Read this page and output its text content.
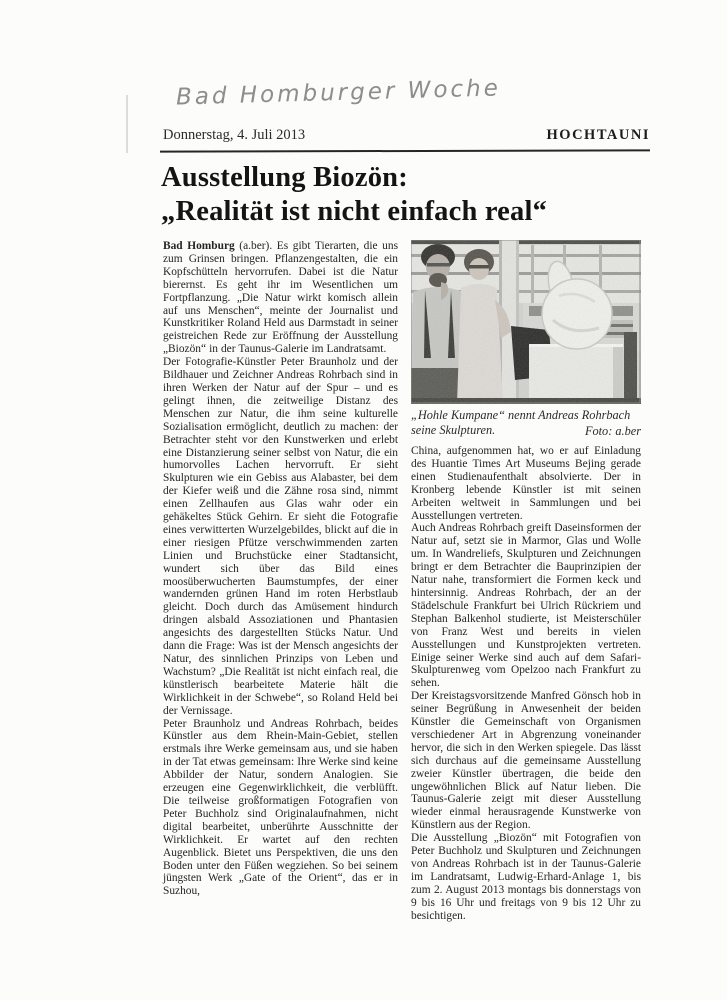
Bad Homburger Woche
Donnerstag, 4. Juli 2013	HOCHTAUNI
Ausstellung Biozön:
„Realität ist nicht einfach real“

Bad Homburg (a.ber). Es gibt Tierarten, die uns zum Grinsen bringen. Pflanzengestalten, die ein Kopfschütteln hervorrufen. Dabei ist die Natur bierernst. Es geht ihr im Wesentlichen um Fortpflanzung. „Die Natur wirkt komisch allein auf uns Menschen“, meinte der Journalist und Kunstkritiker Roland Held aus Darmstadt in seiner geistreichen Rede zur Eröffnung der Ausstellung „Biozön“ in der Taunus-Galerie im Landratsamt.

Der Fotografie-Künstler Peter Braunholz und der Bildhauer und Zeichner Andreas Rohrbach sind in ihren Werken der Natur auf der Spur – und es gelingt ihnen, die zeitweilige Distanz des Menschen zur Natur, die ihm seine kulturelle Sozialisation ermöglicht, deutlich zu machen: der Betrachter steht vor den Kunstwerken und erlebt eine Distanzierung seiner selbst von Natur, die ein humorvolles Lachen hervorruft. Er sieht Skulpturen wie ein Gebiss aus Alabaster, bei dem der Kiefer weiß und die Zähne rosa sind, nimmt einen Zellhaufen aus Glas wahr oder ein gehäkeltes Stück Gehirn. Er sieht die Fotografie eines verwitterten Wurzelgebildes, blickt auf die in einer riesigen Pfütze verschwimmenden zarten Linien und Bruchstücke einer Stadtansicht, wundert sich über das Bild eines moosüberwucherten Baumstumpfes, der einer wandernden grünen Hand im roten Herbstlaub gleicht. Doch durch das Amüsement hindurch dringen alsbald Assoziationen und Phantasien angesichts des dargestellten Stücks Natur. Und dann die Frage: Was ist der Mensch angesichts der Natur, des sinnlichen Prinzips von Leben und Wachstum? „Die Realität ist nicht einfach real, die künstlerisch bearbeitete Materie hält die Wirklichkeit in der Schwebe“, so Roland Held bei der Vernissage.

Peter Braunholz und Andreas Rohrbach, beides Künstler aus dem Rhein-Main-Gebiet, stellen erstmals ihre Werke gemeinsam aus, und sie haben in der Tat etwas gemeinsam: Ihre Werke sind keine Abbilder der Natur, sondern Analogien. Sie erzeugen eine Gegenwirklichkeit, die verblüfft. Die teilweise großformatigen Fotografien von Peter Buchholz sind Originalaufnahmen, nicht digital bearbeitet, unberührte Ausschnitte der Wirklichkeit. Er wartet auf den rechten Augenblick. Bietet uns Perspektiven, die uns den Boden unter den Füßen wegziehen. So bei seinem jüngsten Werk „Gate of the Orient“, das er in Suzhou,

„Hohle Kumpane“ nennt Andreas Rohrbach seine Skulpturen.	Foto: a.ber

China, aufgenommen hat, wo er auf Einladung des Huantie Times Art Museums Bejing gerade einen Studienaufenthalt absolvierte. Der in Kronberg lebende Künstler ist mit seinen Arbeiten weltweit in Sammlungen und bei Ausstellungen vertreten.

Auch Andreas Rohrbach greift Daseinsformen der Natur auf, setzt sie in Marmor, Glas und Wolle um. In Wandreliefs, Skulpturen und Zeichnungen bringt er dem Betrachter die Bauprinzipien der Natur nahe, transformiert die Formen keck und hintersinnig. Andreas Rohrbach, der an der Städelschule Frankfurt bei Ulrich Rückriem und Stephan Balkenhol studierte, ist Meisterschüler von Franz West und bereits in vielen Ausstellungen und Kunstprojekten vertreten. Einige seiner Werke sind auch auf dem Safari-Skulpturenweg vom Opelzoo nach Frankfurt zu sehen.

Der Kreistagsvorsitzende Manfred Gönsch hob in seiner Begrüßung in Anwesenheit der beiden Künstler die Gemeinschaft von Organismen verschiedener Art in Abgrenzung voneinander hervor, die sich in den Werken spiegele. Das lässt sich durchaus auf die gemeinsame Ausstellung zweier Künstler übertragen, die beide den ungewöhnlichen Blick auf Natur lieben. Die Taunus-Galerie zeigt mit dieser Ausstellung wieder einmal herausragende Kunstwerke von Künstlern aus der Region.

Die Ausstellung „Biozön“ mit Fotografien von Peter Buchholz und Skulpturen und Zeichnungen von Andreas Rohrbach ist in der Taunus-Galerie im Landratsamt, Ludwig-Erhard-Anlage 1, bis zum 2. August 2013 montags bis donnerstags von 9 bis 16 Uhr und freitags von 9 bis 12 Uhr zu besichtigen.
